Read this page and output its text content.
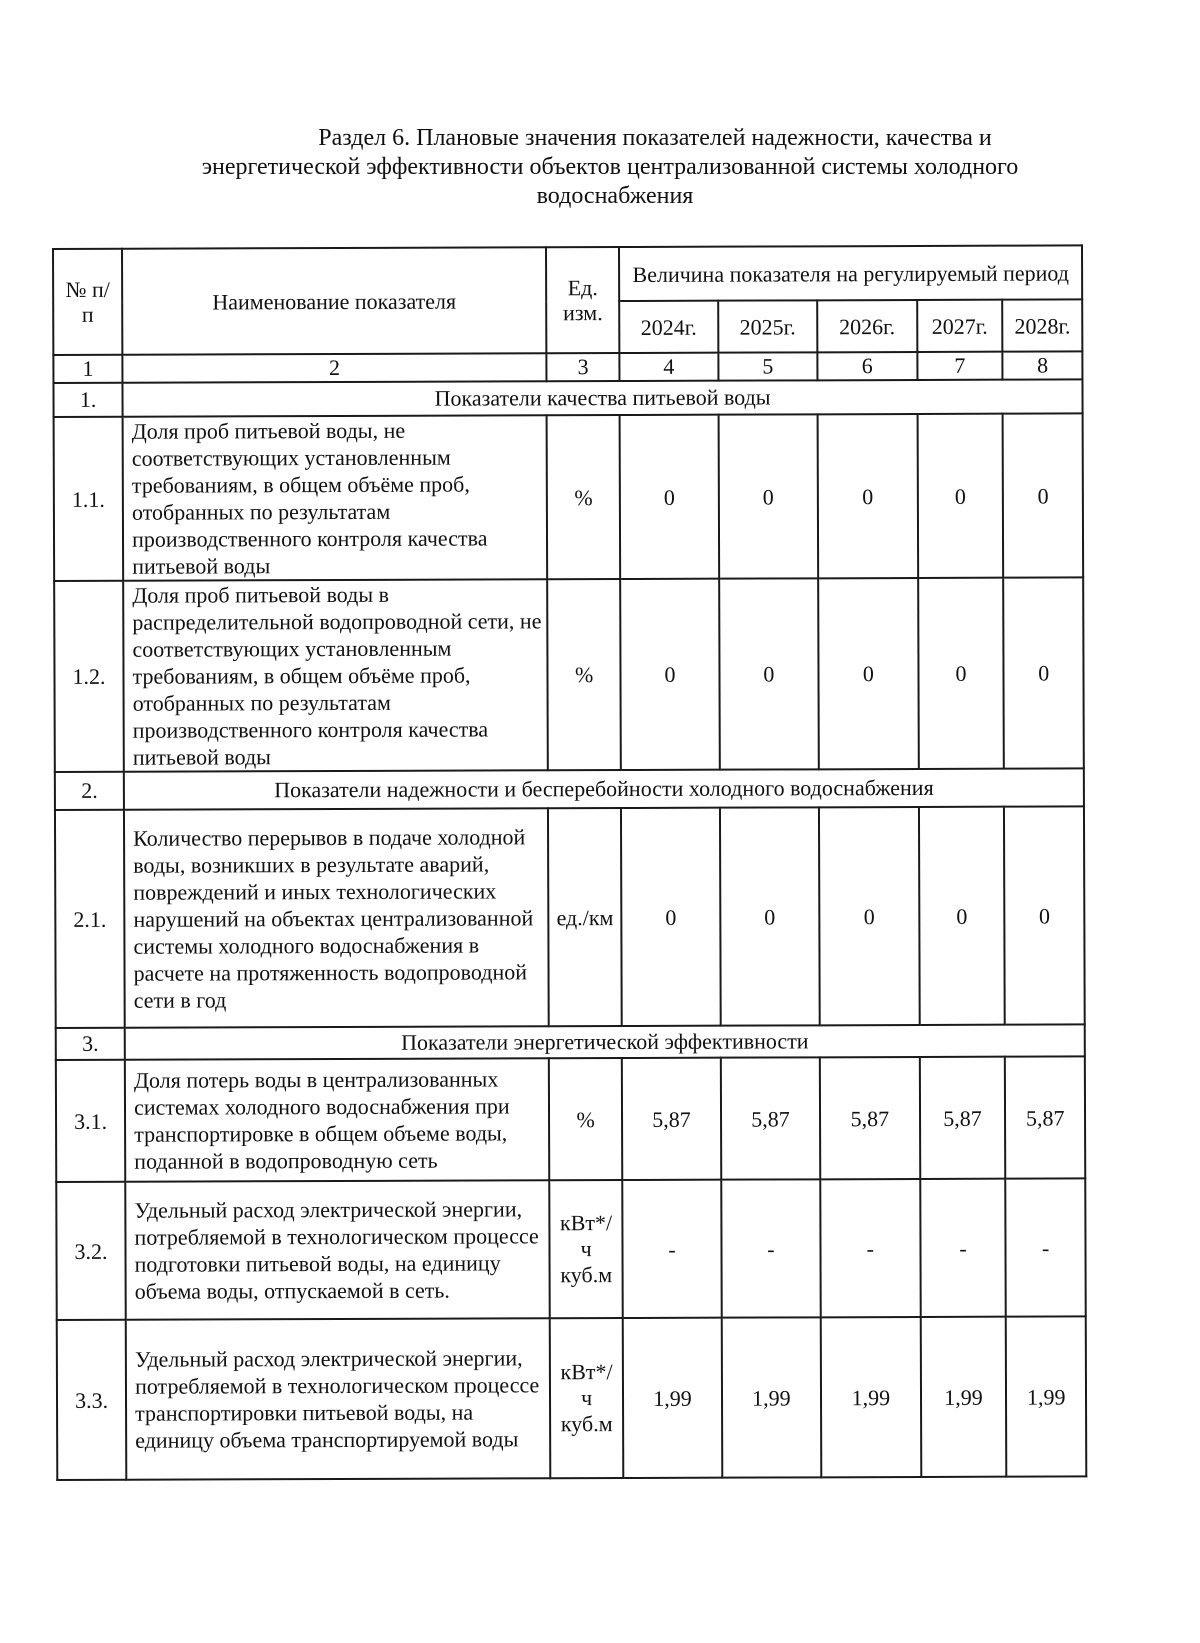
Раздел 6. Плановые значения показателей надежности, качества и
энергетической эффективности объектов централизованной системы холодного
водоснабжения
№ п/п	Наименование показателя	Ед. изм.	Величина показателя на регулируемый период				
			2024г.	2025г.	2026г.	2027г.	2028г.
1	2	3	4	5	6	7	8
1.	Показатели качества питьевой воды						
1.1.	Доля проб питьевой воды, не соответствующих установленным требованиям, в общем объёме проб, отобранных по результатам производственного контроля качества питьевой воды	%	0	0	0	0	0
1.2.	Доля проб питьевой воды в распределительной водопроводной сети, не соответствующих установленным требованиям, в общем объёме проб, отобранных по результатам производственного контроля качества питьевой воды	%	0	0	0	0	0
2.	Показатели надежности и бесперебойности холодного водоснабжения						
2.1.	Количество перерывов в подаче холодной воды, возникших в результате аварий, повреждений и иных технологических нарушений на объектах централизованной системы холодного водоснабжения в расчете на протяженность водопроводной сети в год	ед./км	0	0	0	0	0
3.	Показатели энергетической эффективности						
3.1.	Доля потерь воды в централизованных системах холодного водоснабжения при транспортировке в общем объеме воды, поданной в водопроводную сеть	%	5,87	5,87	5,87	5,87	5,87
3.2.	Удельный расход электрической энергии, потребляемой в технологическом процессе подготовки питьевой воды, на единицу объема воды, отпускаемой в сеть.	кВт*/ч куб.м	-	-	-	-	-
3.3.	Удельный расход электрической энергии, потребляемой в технологическом процессе транспортировки питьевой воды, на единицу объема транспортируемой воды	кВт*/ч куб.м	1,99	1,99	1,99	1,99	1,99
